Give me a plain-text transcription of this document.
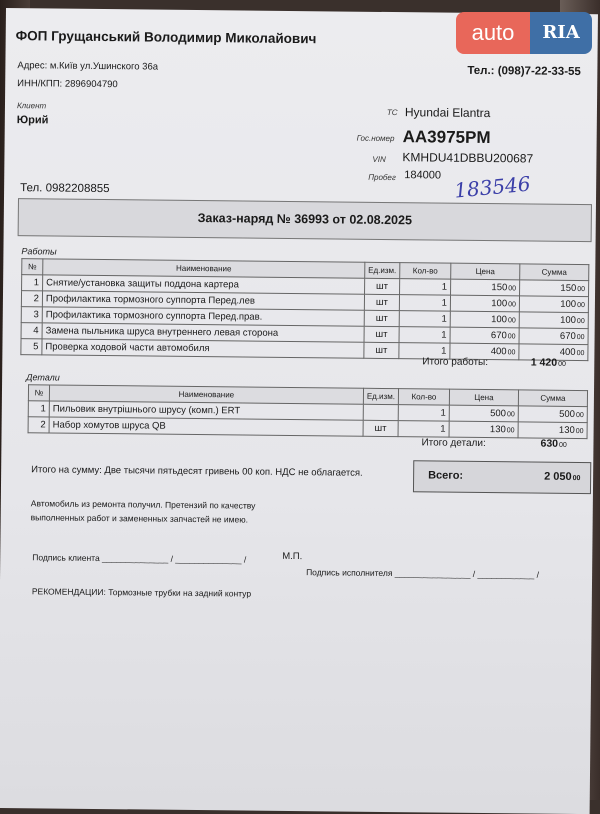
ФОП Грущанський Володимир Миколайович
Адрес: м.Київ ул.Ушинского 36а
ИНН/КПП: 2896904790
Тел.: (098)7-22-33-55
Клиент
Юрий
ТС Hyundai Elantra
Гос.номер AA3975PM
VIN KMHDU41DBBU200687
Пробег 184000 183546
Тел. 0982208855
Заказ-наряд № 36993 от 02.08.2025
Работы
№	Наименование	Ед.изм.	Кол-во	Цена	Сумма
1	Снятие/установка защиты поддона картера	шт	1	15000	15000
2	Профилактика тормозного суппорта Перед.лев	шт	1	10000	10000
3	Профилактика тормозного суппорта Перед.прав.	шт	1	10000	10000
4	Замена пыльника шруса внутреннего левая сторона	шт	1	67000	67000
5	Проверка ходовой части автомобиля	шт	1	40000	40000
Итого работы:	1 42000
Детали
№	Наименование	Ед.изм.	Кол-во	Цена	Сумма
1	Пильовик внутрішнього шрусу (комп.) ERT		1	50000	50000
2	Набор хомутов шруса QB	шт	1	13000	13000
Итого детали:	63000
Итого на сумму: Две тысячи пятьдесят гривень 00 коп. НДС не облагается.	Всего:	2 05000
Автомобиль из ремонта получил. Претензий по качеству выполненных работ и замененных запчастей не имею.
Подпись клиента ______________ / ______________ /	М.П.
Подпись исполнителя ________________ / ____________ /
РЕКОМЕНДАЦИИ: Тормозные трубки на задний контур
auto	RIA
